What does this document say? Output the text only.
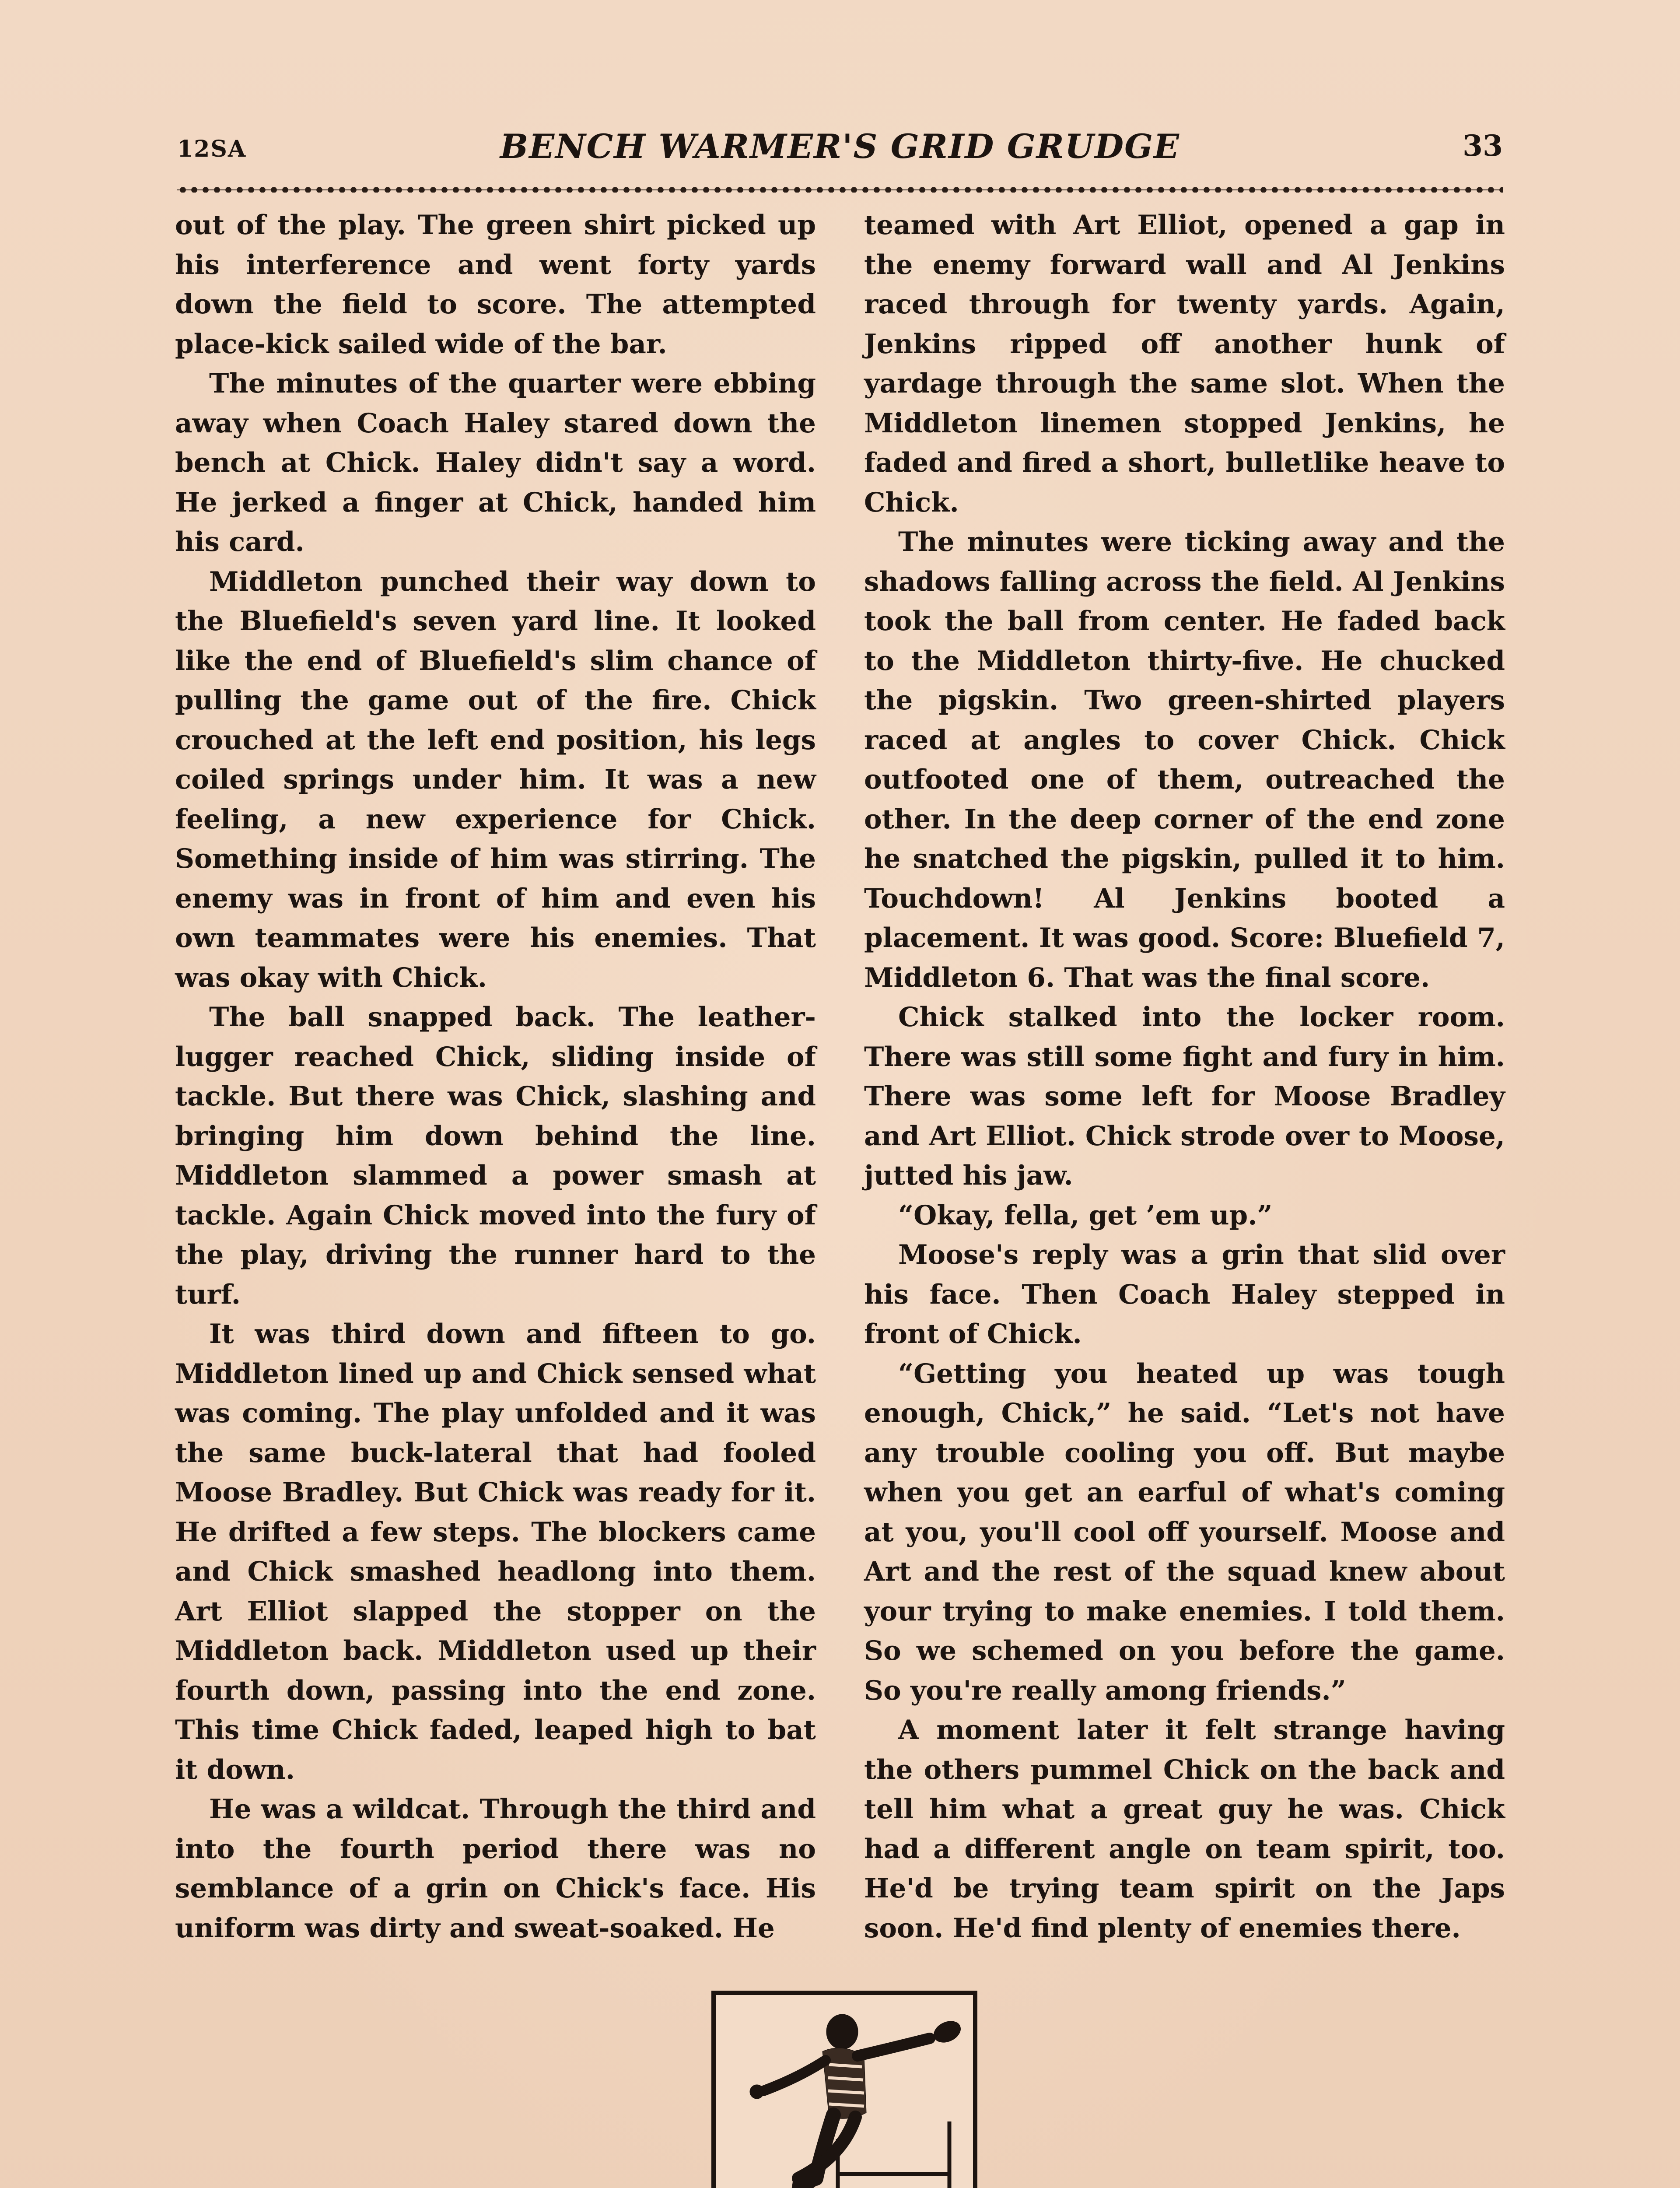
12SA	BENCH WARMER'S GRID GRUDGE	33

out of the play. The green shirt picked up his interference and went forty yards down the field to score. The attempted place-kick sailed wide of the bar.

The minutes of the quarter were ebbing away when Coach Haley stared down the bench at Chick. Haley didn't say a word. He jerked a finger at Chick, handed him his card.

Middleton punched their way down to the Bluefield's seven yard line. It looked like the end of Bluefield's slim chance of pulling the game out of the fire. Chick crouched at the left end position, his legs coiled springs under him. It was a new feeling, a new experience for Chick. Something inside of him was stirring. The enemy was in front of him and even his own teammates were his enemies. That was okay with Chick.

The ball snapped back. The leather-lugger reached Chick, sliding inside of tackle. But there was Chick, slashing and bringing him down behind the line. Middleton slammed a power smash at tackle. Again Chick moved into the fury of the play, driving the runner hard to the turf.

It was third down and fifteen to go. Middleton lined up and Chick sensed what was coming. The play unfolded and it was the same buck-lateral that had fooled Moose Bradley. But Chick was ready for it. He drifted a few steps. The blockers came and Chick smashed headlong into them. Art Elliot slapped the stopper on the Middleton back. Middleton used up their fourth down, passing into the end zone. This time Chick faded, leaped high to bat it down.

He was a wildcat. Through the third and into the fourth period there was no semblance of a grin on Chick's face. His uniform was dirty and sweat-soaked. He

teamed with Art Elliot, opened a gap in the enemy forward wall and Al Jenkins raced through for twenty yards. Again, Jenkins ripped off another hunk of yardage through the same slot. When the Middleton linemen stopped Jenkins, he faded and fired a short, bulletlike heave to Chick.

The minutes were ticking away and the shadows falling across the field. Al Jenkins took the ball from center. He faded back to the Middleton thirty-five. He chucked the pigskin. Two green-shirted players raced at angles to cover Chick. Chick outfooted one of them, outreached the other. In the deep corner of the end zone he snatched the pigskin, pulled it to him. Touchdown! Al Jenkins booted a placement. It was good. Score: Bluefield 7, Middleton 6. That was the final score.

Chick stalked into the locker room. There was still some fight and fury in him. There was some left for Moose Bradley and Art Elliot. Chick strode over to Moose, jutted his jaw.

“Okay, fella, get ’em up.”

Moose's reply was a grin that slid over his face. Then Coach Haley stepped in front of Chick.

“Getting you heated up was tough enough, Chick,” he said. “Let's not have any trouble cooling you off. But maybe when you get an earful of what's coming at you, you'll cool off yourself. Moose and Art and the rest of the squad knew about your trying to make enemies. I told them. So we schemed on you before the game. So you're really among friends.”

A moment later it felt strange having the others pummel Chick on the back and tell him what a great guy he was. Chick had a different angle on team spirit, too. He'd be trying team spirit on the Japs soon. He'd find plenty of enemies there.
